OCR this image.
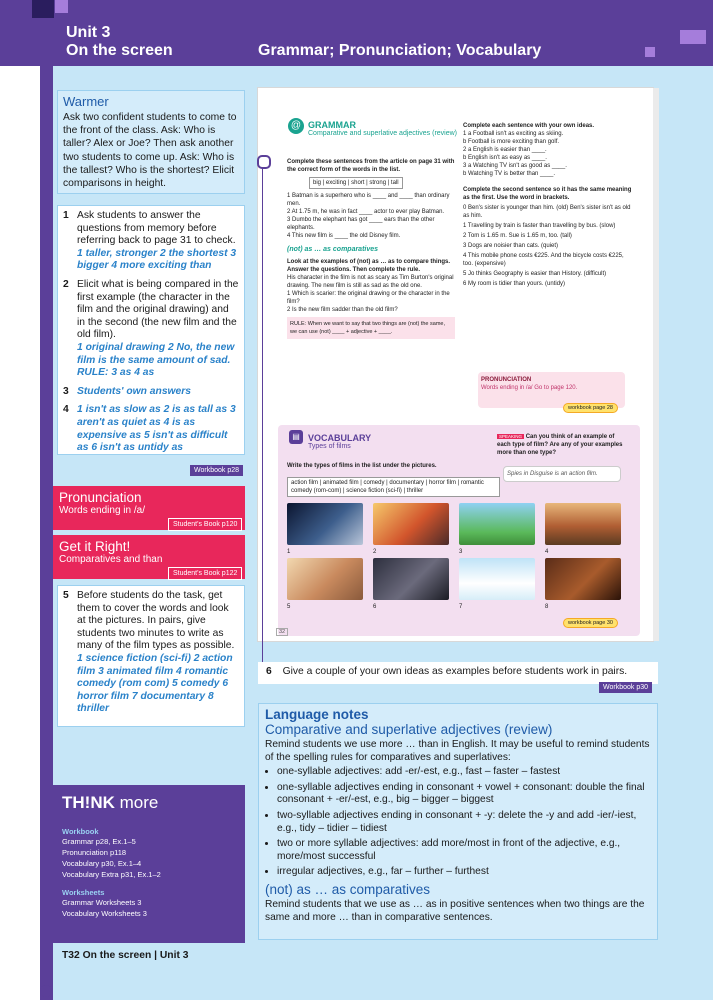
Unit 3
On the screen	Grammar; Pronunciation; Vocabulary
Warmer

Ask two confident students to come to the front of the class. Ask: Who is taller? Alex or Joe? Then ask another two students to come up. Ask: Who is the tallest? Who is the shortest? Elicit comparisons in height.

1 Ask students to answer the questions from memory before referring back to page 31 to check.
1 taller, stronger 2 the shortest 3 bigger 4 more exciting than
2 Elicit what is being compared in the first example (the character in the film and the original drawing) and in the second (the new film and the old film).
1 original drawing 2 No, the new film is the same amount of sad. RULE: 3 as 4 as
3 Students' own answers
4 1 isn't as slow as 2 is as tall as 3 aren't as quiet as 4 is as expensive as 5 isn't as difficult as 6 isn't as untidy as
Workbook p28
Pronunciation
Words ending in /a/
Student's Book p120
Get it Right!
Comparatives and than
Student's Book p122
5 Before students do the task, get them to cover the words and look at the pictures. In pairs, give students two minutes to write as many of the film types as possible.
1 science fiction (sci-fi) 2 action film 3 animated film 4 romantic comedy (rom com) 5 comedy 6 horror film 7 documentary 8 thriller
TH!NK more
Workbook
Grammar p28, Ex.1–5
Pronunciation p118
Vocabulary p30, Ex.1–4
Vocabulary Extra p31, Ex.1–2
Worksheets
Grammar Worksheets 3
Vocabulary Worksheets 3
T32 On the screen | Unit 3
@ GRAMMAR
Comparative and superlative adjectives (review)
Complete these sentences from the article on page 31 with the correct form of the words in the list.
big | exciting | short | strong | tall
1 Batman is a superhero who is ____ and ____ than ordinary men.
2 At 1.75 m, he was in fact ____ actor to ever play Batman.
3 Dumbo the elephant has got ____ ears than the other elephants.
4 This new film is ____ the old Disney film.
(not) as … as comparatives
Look at the examples of (not) as … as to compare things. Answer the questions. Then complete the rule.
His character in the film is not as scary as Tim Burton's original drawing. The new film is still as sad as the old one.
1 Which is scarier: the original drawing or the character in the film?
2 Is the new film sadder than the old film?
RULE: When we want to say that two things are (not) the same, we can use (not) ____ + adjective + ____.
Complete each sentence with your own ideas.
1 a Football isn't as exciting as skiing.
b Football is more exciting than golf.
2 a English is easier than ____.
b English isn't as easy as ____.
3 a Watching TV isn't as good as ____.
b Watching TV is better than ____.
Complete the second sentence so it has the same meaning as the first. Use the word in brackets.
0 Ben's sister is younger than him. (old) Ben's sister isn't as old as him.
1 Travelling by train is faster than travelling by bus. (slow)
2 Tom is 1.65 m. Sue is 1.65 m, too. (tall)
3 Dogs are noisier than cats. (quiet)
4 This mobile phone costs €225. And the bicycle costs €225, too. (expensive)
5 Jo thinks Geography is easier than History. (difficult)
6 My room is tidier than yours. (untidy)
PRONUNCIATION
Words ending in /a/ Go to page 120.
workbook page 28
▤ VOCABULARY
Types of films
Write the types of films in the list under the pictures.
action film | animated film | comedy | documentary | horror film | romantic comedy (rom-com) | science fiction (sci-fi) | thriller
SPEAKING Can you think of an example of each type of film? Are any of your examples more than one type?
Spies in Disguise is an action film.
1	2	3	4
5	6	7	8
workbook page 30
32
6 Give a couple of your own ideas as examples before students work in pairs.
Workbook p30
Language notes
Comparative and superlative adjectives (review)

Remind students we use more … than in English. It may be useful to remind students of the spelling rules for comparatives and superlatives:

• one-syllable adjectives: add -er/-est, e.g., fast – faster – fastest
• one-syllable adjectives ending in consonant + vowel + consonant: double the final consonant + -er/-est, e.g., big – bigger – biggest
• two-syllable adjectives ending in consonant + -y: delete the -y and add -ier/-iest, e.g., tidy – tidier – tidiest
• two or more syllable adjectives: add more/most in front of the adjective, e.g., more/most successful
• irregular adjectives, e.g., far – further – furthest
(not) as … as comparatives

Remind students that we use as … as in positive sentences when two things are the same and more … than in comparative sentences.
